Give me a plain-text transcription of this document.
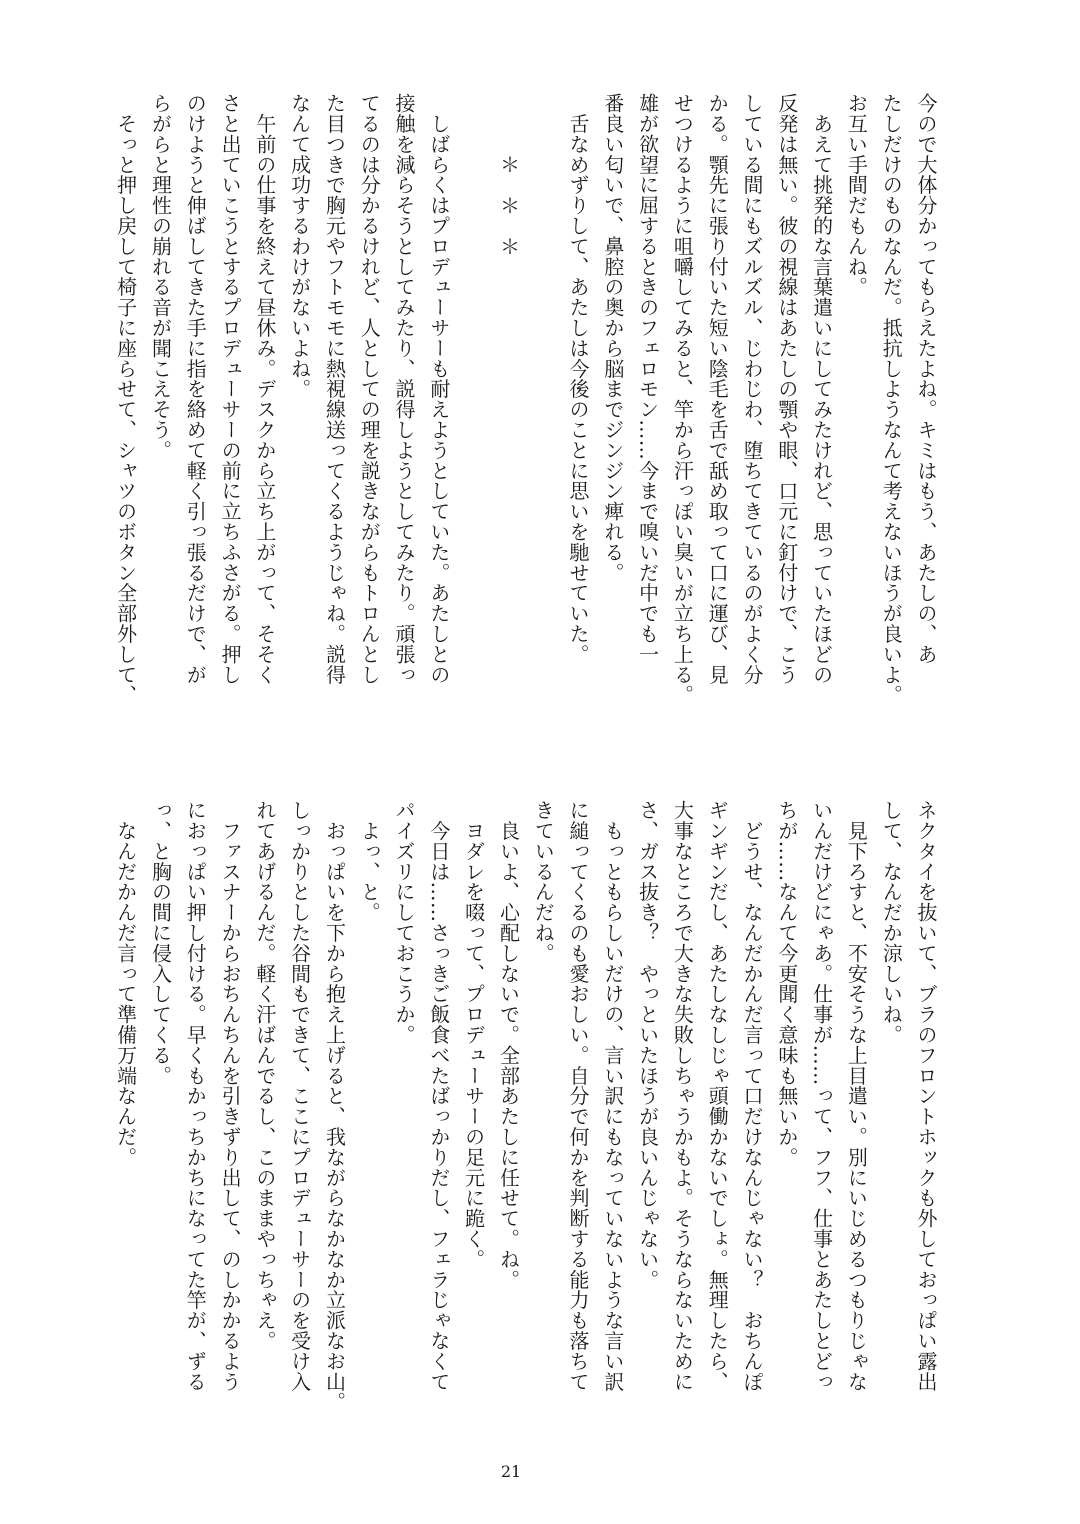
今ので大体分かってもらえたよね。キミはもう、あたしの、あ
たしだけのものなんだ。抵抗しようなんて考えないほうが良いよ。
お互い手間だもんね。
　あえて挑発的な言葉遣いにしてみたけれど、思っていたほどの
反発は無い。彼の視線はあたしの顎や眼、口元に釘付けで、こう
している間にもズルズル、じわじわ、堕ちてきているのがよく分
かる。顎先に張り付いた短い陰毛を舌で舐め取って口に運び、見
せつけるように咀嚼してみると、竿から汗っぽい臭いが立ち上る。
雄が欲望に屈するときのフェロモン……今まで嗅いだ中でも一
番良い匂いで、鼻腔の奥から脳までジンジン痺れる。
　舌なめずりして、あたしは今後のことに思いを馳せていた。

　　　＊　＊　＊

　しばらくはプロデューサーも耐えようとしていた。あたしとの
接触を減らそうとしてみたり、説得しようとしてみたり。頑張っ
てるのは分かるけれど、人としての理を説きながらもトロんとし
た目つきで胸元やフトモモに熱視線送ってくるようじゃね。説得
なんて成功するわけがないよね。
　午前の仕事を終えて昼休み。デスクから立ち上がって、そそく
さと出ていこうとするプロデューサーの前に立ちふさがる。押し
のけようと伸ばしてきた手に指を絡めて軽く引っ張るだけで、が
らがらと理性の崩れる音が聞こえそう。
　そっと押し戻して椅子に座らせて、シャツのボタン全部外して、
ネクタイを抜いて、ブラのフロントホックも外しておっぱい露出
して、なんだか涼しいね。
　見下ろすと、不安そうな上目遣い。別にいじめるつもりじゃな
いんだけどにゃあ。仕事が……って、フフ、仕事とあたしとどっ
ちが……なんて今更聞く意味も無いか。
　どうせ、なんだかんだ言って口だけなんじゃない？　おちんぽ
ギンギンだし、あたしなしじゃ頭働かないでしょ。無理したら、
大事なところで大きな失敗しちゃうかもよ。そうならないために
さ、ガス抜き？　やっといたほうが良いんじゃない。
　もっともらしいだけの、言い訳にもなっていないような言い訳
に縋ってくるのも愛おしい。自分で何かを判断する能力も落ちて
きているんだね。
　良いよ、心配しないで。全部あたしに任せて。ね。
　ヨダレを啜って、プロデューサーの足元に跪く。
　今日は……さっきご飯食べたばっかりだし、フェラじゃなくて
パイズリにしておこうか。
　よっ、と。
　おっぱいを下から抱え上げると、我ながらなかなか立派なお山。
しっかりとした谷間もできて、ここにプロデューサーのを受け入
れてあげるんだ。軽く汗ばんでるし、このままやっちゃえ。
　ファスナーからおちんちんを引きずり出して、のしかかるよう
におっぱい押し付ける。早くもかっちかちになってた竿が、ずる
っ、と胸の間に侵入してくる。
　なんだかんだ言って準備万端なんだ。
21
